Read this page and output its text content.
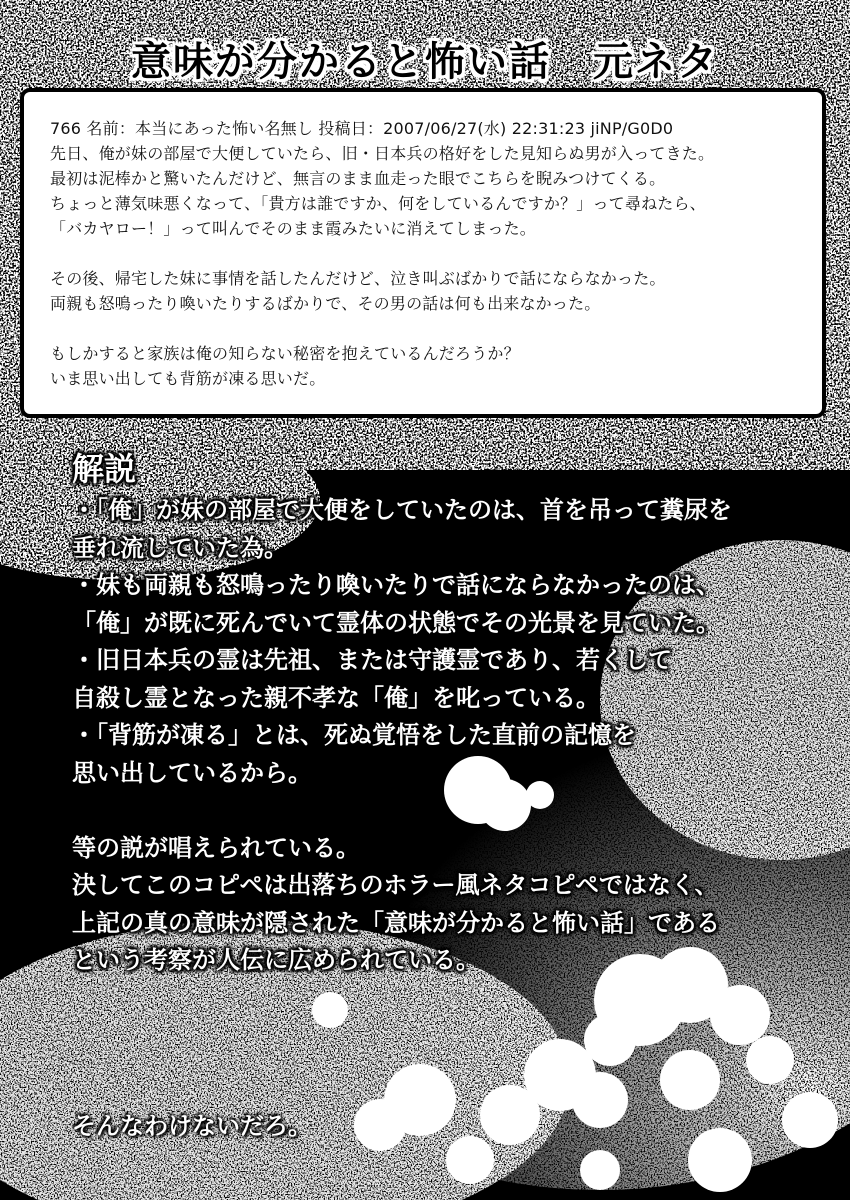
意味が分かると怖い話　元ネタ
766 名前：本当にあった怖い名無し 投稿日：2007/06/27(水) 22:31:23 jiNP/G0D0
先日、俺が妹の部屋で大便していたら、旧・日本兵の格好をした見知らぬ男が入ってきた。
最初は泥棒かと驚いたんだけど、無言のまま血走った眼でこちらを睨みつけてくる。
ちょっと薄気味悪くなって、「貴方は誰ですか、何をしているんですか？」って尋ねたら、
「バカヤロー！」って叫んでそのまま霞みたいに消えてしまった。
その後、帰宅した妹に事情を話したんだけど、泣き叫ぶばかりで話にならなかった。
両親も怒鳴ったり喚いたりするばかりで、その男の話は何も出来なかった。
もしかすると家族は俺の知らない秘密を抱えているんだろうか？
いま思い出しても背筋が凍る思いだ。
解説
・「俺」が妹の部屋で大便をしていたのは、首を吊って糞尿を
垂れ流していた為。
・妹も両親も怒鳴ったり喚いたりで話にならなかったのは、
「俺」が既に死んでいて霊体の状態でその光景を見ていた。
・旧日本兵の霊は先祖、または守護霊であり、若くして
自殺し霊となった親不孝な「俺」を叱っている。
・「背筋が凍る」とは、死ぬ覚悟をした直前の記憶を
思い出しているから。
等の説が唱えられている。
決してこのコピペは出落ちのホラー風ネタコピペではなく、
上記の真の意味が隠された「意味が分かると怖い話」である
という考察が人伝に広められている。
そんなわけないだろ。
